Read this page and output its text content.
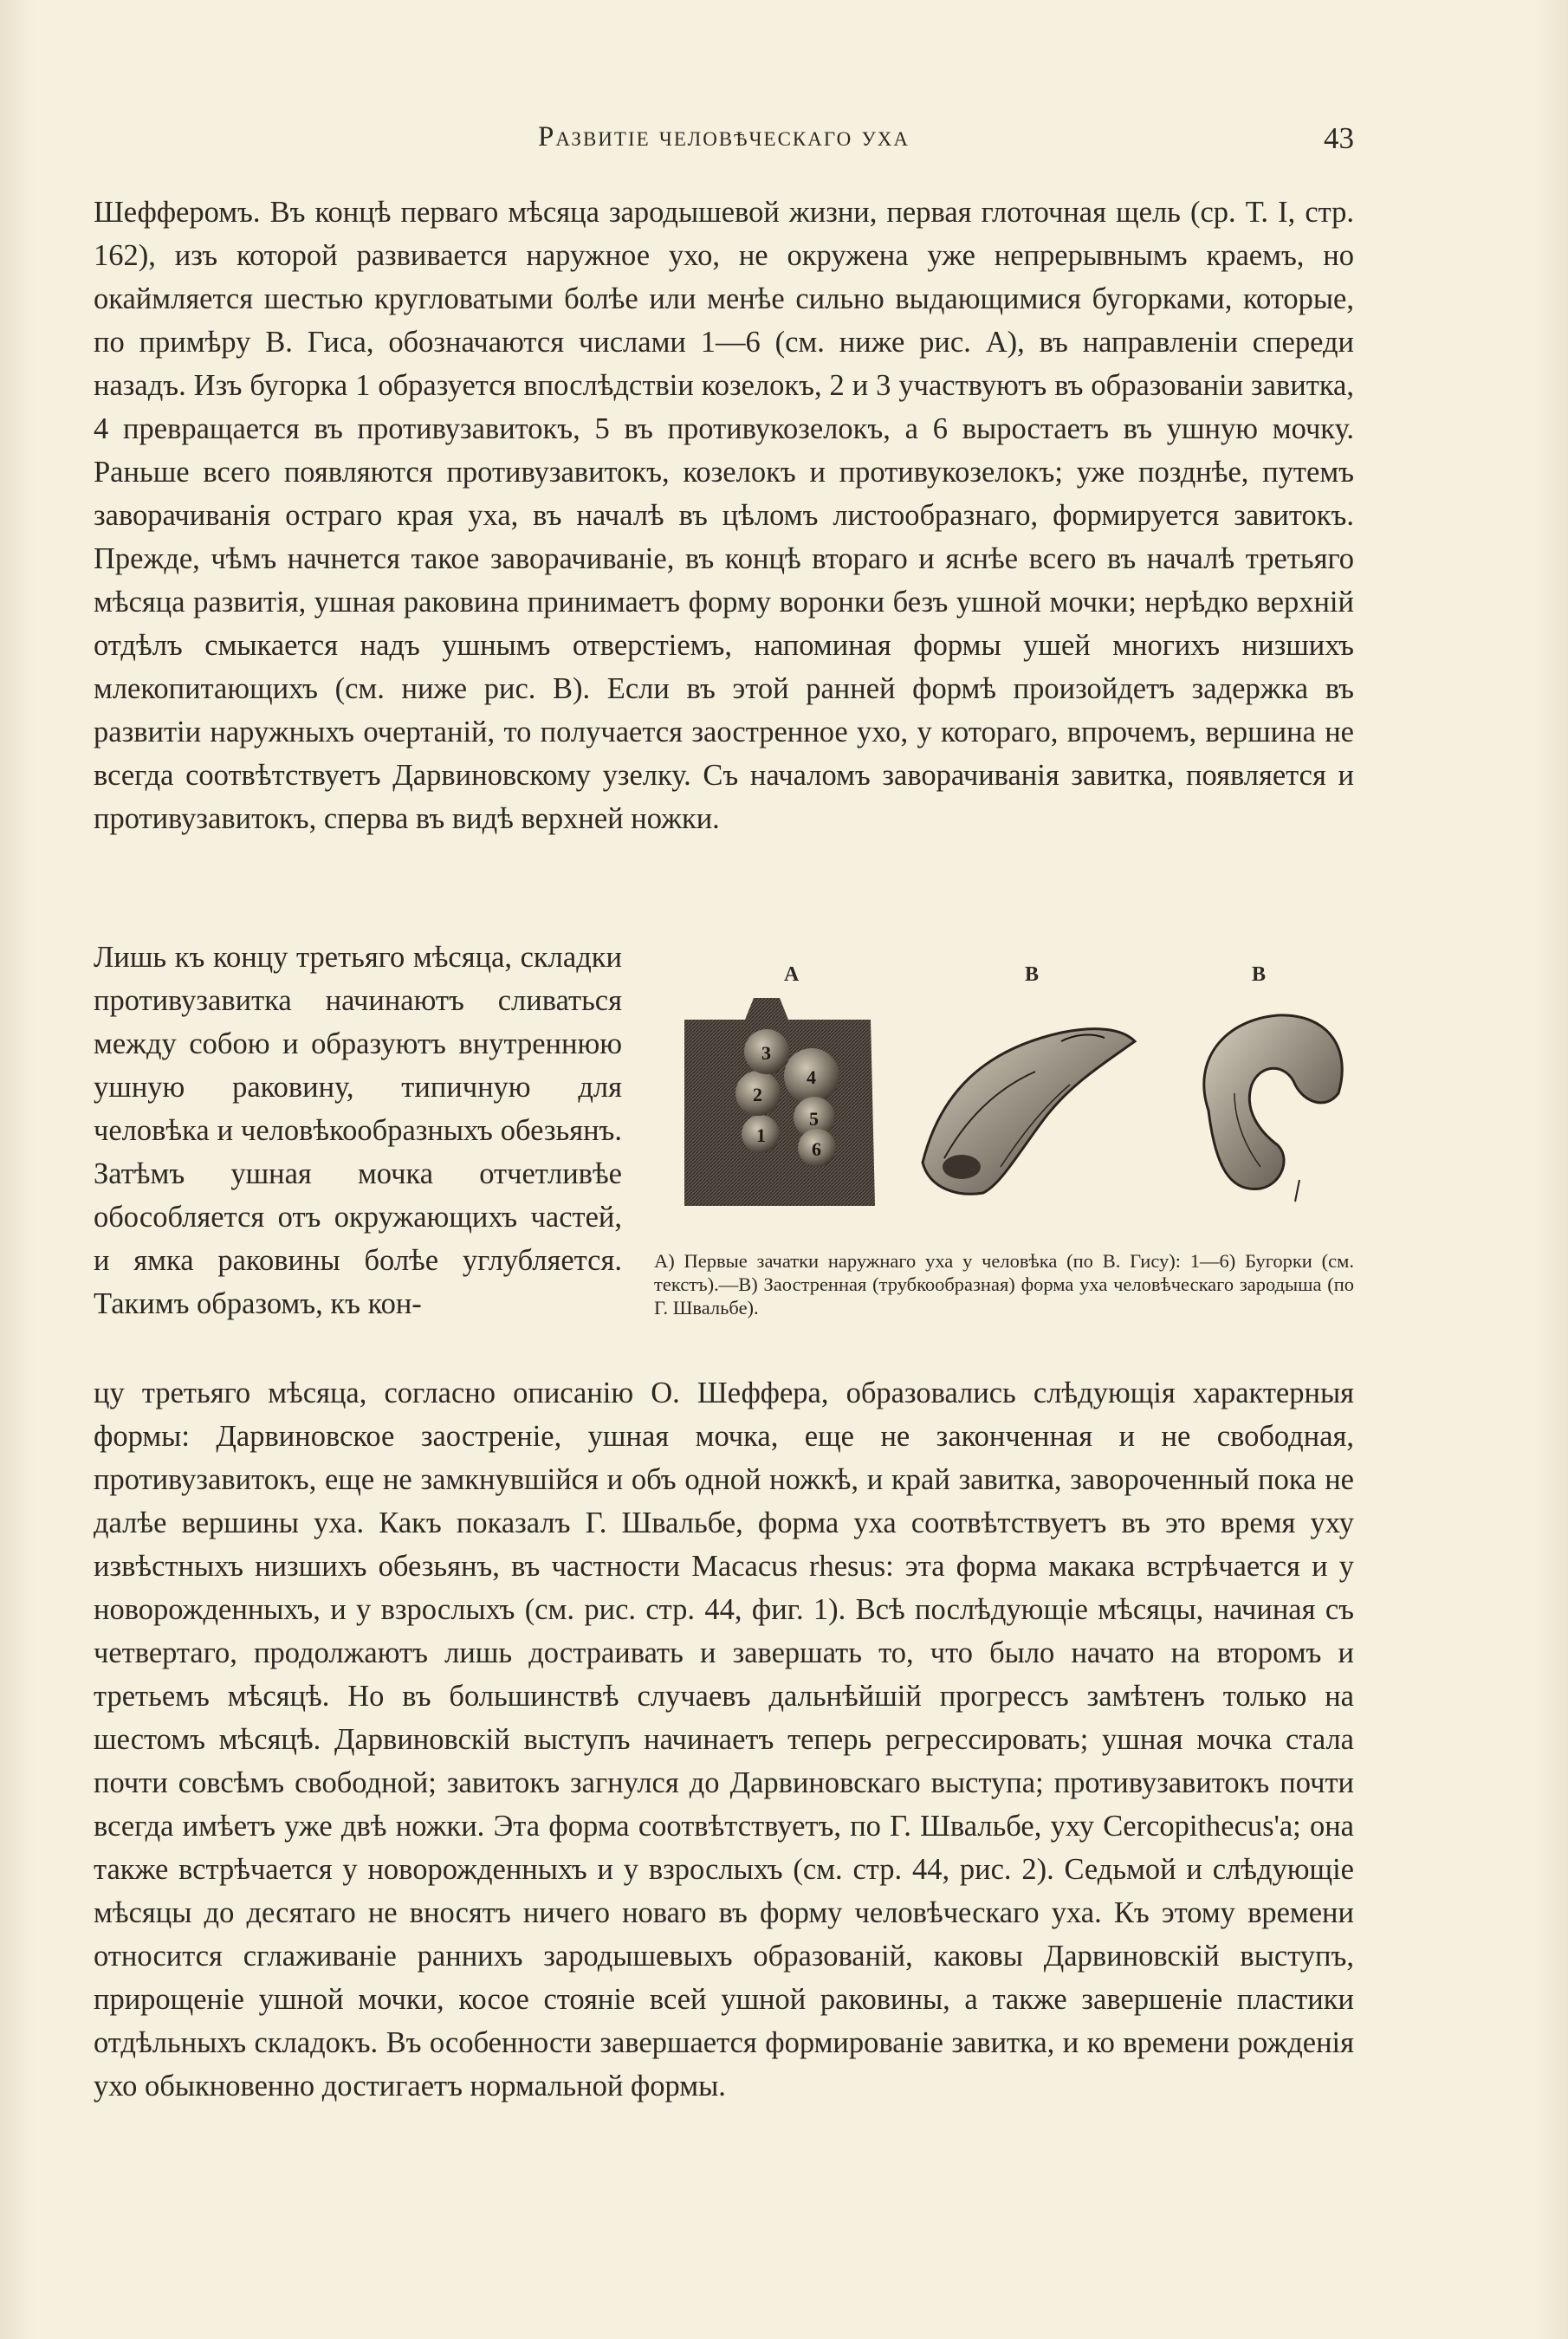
Развитіе человѣческаго уха	43

Шефферомъ. Въ концѣ перваго мѣсяца зародышевой жизни, первая глоточная щель (ср. Т. I, стр. 162), изъ которой развивается наружное ухо, не окружена уже непрерывнымъ краемъ, но окаймляется шестью кругловатыми болѣе или менѣе сильно выдающимися бугорками, которые, по примѣру В. Гиса, обозначаются числами 1—6 (см. ниже рис. А), въ направленіи спереди назадъ. Изъ бугорка 1 образуется впослѣдствіи козелокъ, 2 и 3 участвуютъ въ образованіи завитка, 4 превращается въ противузавитокъ, 5 въ противукозелокъ, а 6 выростаетъ въ ушную мочку. Раньше всего появляются противузавитокъ, козелокъ и противукозелокъ; уже позднѣе, путемъ заворачиванія остраго края уха, въ началѣ въ цѣломъ листообразнаго, формируется завитокъ. Прежде, чѣмъ начнется такое заворачиваніе, въ концѣ втораго и яснѣе всего въ началѣ третьяго мѣсяца развитія, ушная раковина принимаетъ форму воронки безъ ушной мочки; нерѣдко верхній отдѣлъ смыкается надъ ушнымъ отверстіемъ, напоминая формы ушей многихъ низшихъ млекопитающихъ (см. ниже рис. В). Если въ этой ранней формѣ произойдетъ задержка въ развитіи наружныхъ очертаній, то получается заостренное ухо, у котораго, впрочемъ, вершина не всегда соотвѣтствуетъ Дарвиновскому узелку. Съ началомъ заворачиванія завитка, появляется и противузавитокъ, сперва въ видѣ верхней ножки.

Лишь къ концу третьяго мѣсяца, складки противузавитка начинаютъ сливаться между собою и образуютъ внутреннюю ушную раковину, типичную для человѣка и человѣкообразныхъ обезьянъ. Затѣмъ ушная мочка отчетливѣе обособляется отъ окружающихъ частей, и ямка раковины болѣе углубляется. Такимъ образомъ, къ кон-

А	В	В
1
2
3
4
5
6
А) Первые зачатки наружнаго уха у человѣка (по В. Гису): 1—6) Бугорки (см. текстъ).—В) Заостренная (трубкообразная) форма уха человѣческаго зародыша (по Г. Швальбе).

цу третьяго мѣсяца, согласно описанію О. Шеффера, образовались слѣдующія характерныя формы: Дарвиновское заостреніе, ушная мочка, еще не законченная и не свободная, противузавитокъ, еще не замкнувшійся и объ одной ножкѣ, и край завитка, завороченный пока не далѣе вершины уха. Какъ показалъ Г. Швальбе, форма уха соотвѣтствуетъ въ это время уху извѣстныхъ низшихъ обезьянъ, въ частности Macacus rhesus: эта форма макака встрѣчается и у новорожденныхъ, и у взрослыхъ (см. рис. стр. 44, фиг. 1). Всѣ послѣдующіе мѣсяцы, начиная съ четвертаго, продолжаютъ лишь достраивать и завершать то, что было начато на второмъ и третьемъ мѣсяцѣ. Но въ большинствѣ случаевъ дальнѣйшій прогрессъ замѣтенъ только на шестомъ мѣсяцѣ. Дарвиновскій выступъ начинаетъ теперь регрессировать; ушная мочка стала почти совсѣмъ свободной; завитокъ загнулся до Дарвиновскаго выступа; противузавитокъ почти всегда имѣетъ уже двѣ ножки. Эта форма соотвѣтствуетъ, по Г. Швальбе, уху Cercopithecus'а; она также встрѣчается у новорожденныхъ и у взрослыхъ (см. стр. 44, рис. 2). Седьмой и слѣдующіе мѣсяцы до десятаго не вносятъ ничего новаго въ форму человѣческаго уха. Къ этому времени относится сглаживаніе раннихъ зародышевыхъ образованій, каковы Дарвиновскій выступъ, прирощеніе ушной мочки, косое стояніе всей ушной раковины, а также завершеніе пластики отдѣльныхъ складокъ. Въ особенности завершается формированіе завитка, и ко времени рожденія ухо обыкновенно достигаетъ нормальной формы.
